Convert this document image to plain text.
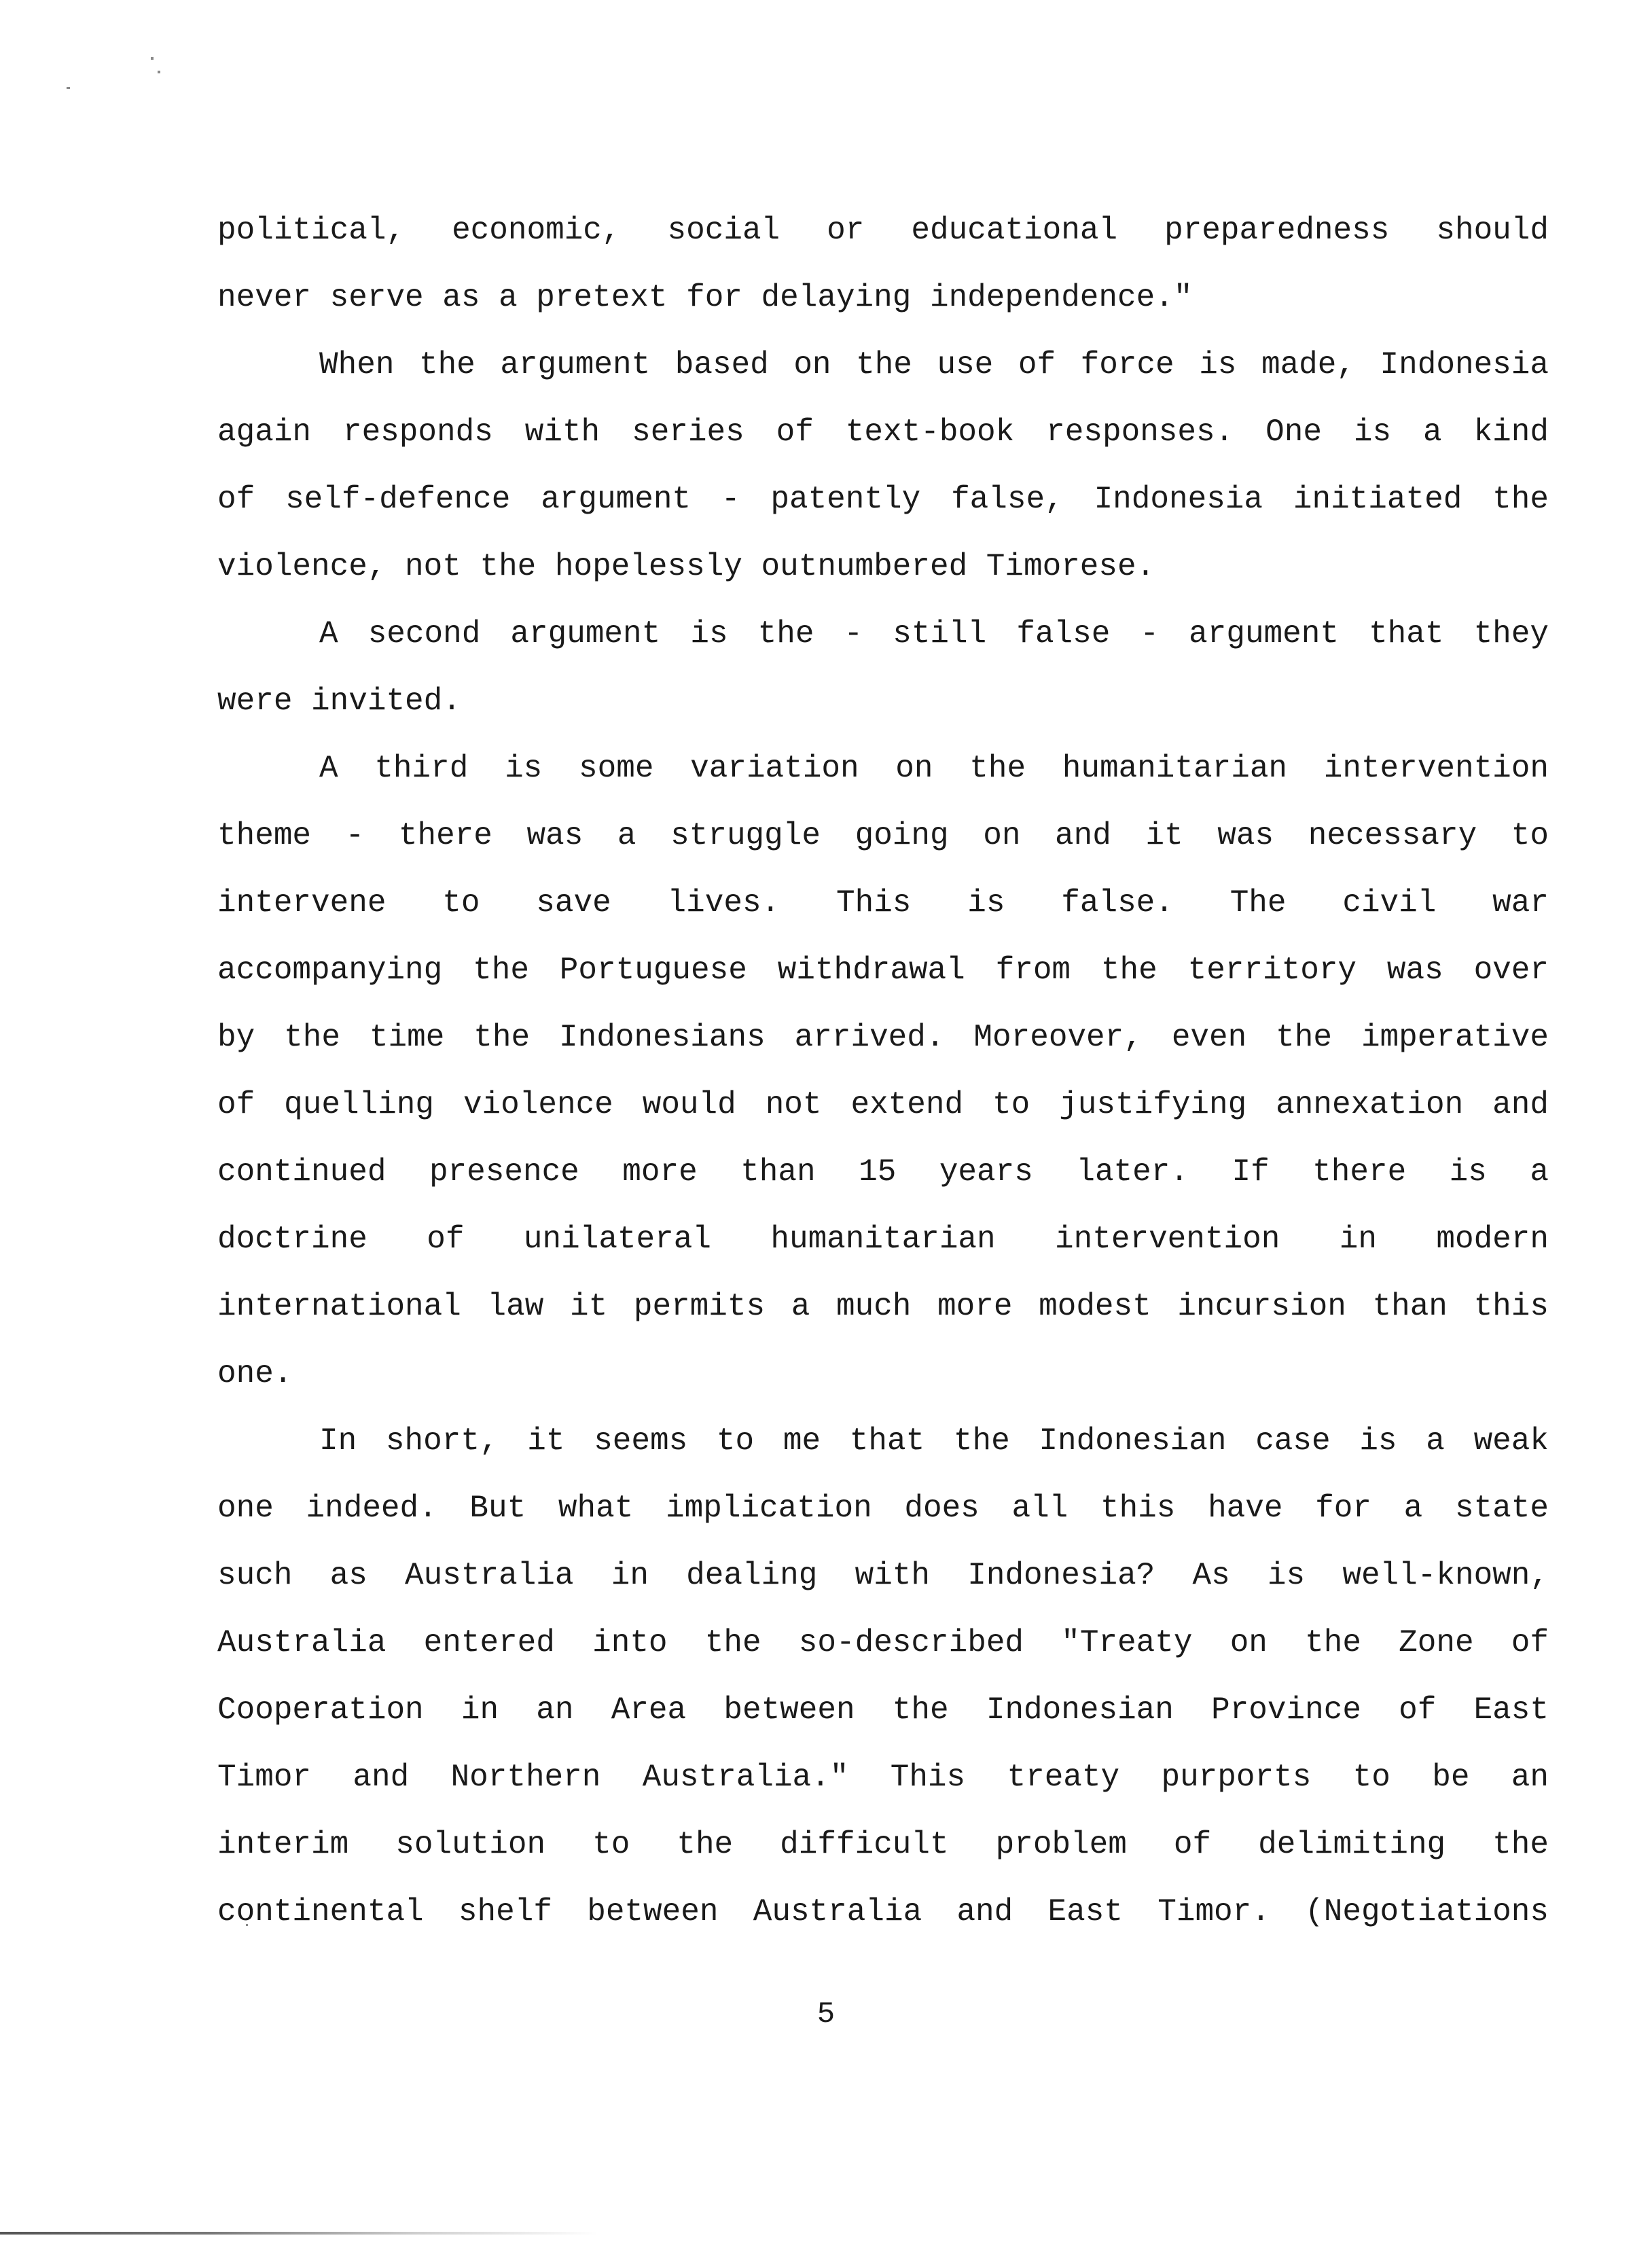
political, economic, social or educational preparedness should
never serve as a pretext for delaying independence."
When the argument based on the use of force is made, Indonesia
again responds with series of text-book responses. One is a kind
of self-defence argument - patently false, Indonesia initiated the
violence, not the hopelessly outnumbered Timorese.
A second argument is the - still false - argument that they
were invited.
A third is some variation on the humanitarian intervention
theme - there was a struggle going on and it was necessary to
intervene to save lives. This is false. The civil war
accompanying the Portuguese withdrawal from the territory was over
by the time the Indonesians arrived. Moreover, even the imperative
of quelling violence would not extend to justifying annexation and
continued presence more than 15 years later. If there is a
doctrine of unilateral humanitarian intervention in modern
international law it permits a much more modest incursion than this
one.
In short, it seems to me that the Indonesian case is a weak
one indeed. But what implication does all this have for a state
such as Australia in dealing with Indonesia? As is well-known,
Australia entered into the so-described "Treaty on the Zone of
Cooperation in an Area between the Indonesian Province of East
Timor and Northern Australia." This treaty purports to be an
interim solution to the difficult problem of delimiting the
continental shelf between Australia and East Timor. (Negotiations
5
